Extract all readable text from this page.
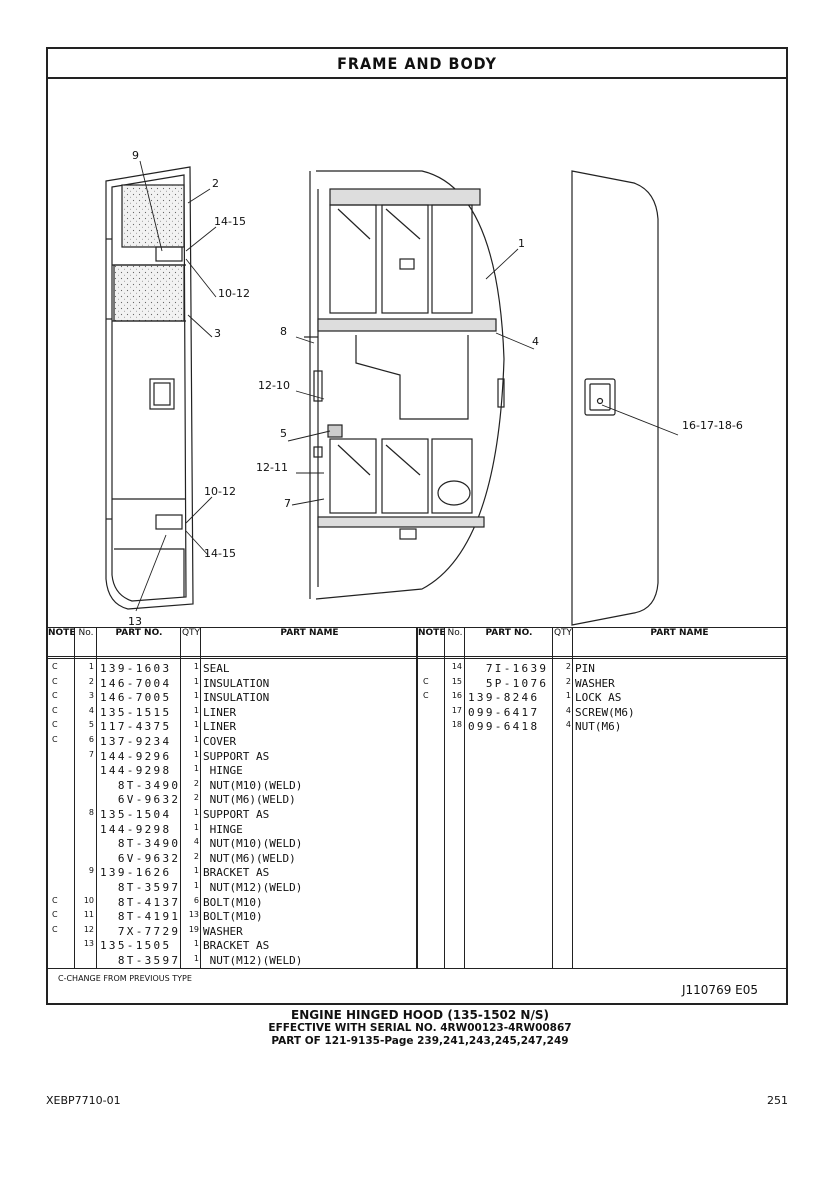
FRAME AND BODY
9
2
14-15
10-12
3
10-12
14-15
13
1
8
4
12-10
5
12-11
7
16-17-18-6
NOTE No.	PART NO.	QTY	PART NAME	NOTE No.	PART NO.	QTY	PART NAME
C	1 139-1603	1 SEAL
C	2 146-7004	1 INSULATION
C	3 146-7005	1 INSULATION
C	4 135-1515	1 LINER
C	5 117-4375	1 LINER
C	6 137-9234	1 COVER
7 144-9296	1 SUPPORT AS
144-9298	1 HINGE
8T-3490	2 NUT(M10)(WELD)
6V-9632	2 NUT(M6)(WELD)
8 135-1504	1 SUPPORT AS
144-9298	1 HINGE
8T-3490	4 NUT(M10)(WELD)
6V-9632	2 NUT(M6)(WELD)
9 139-1626	1 BRACKET AS
8T-3597	1 NUT(M12)(WELD)
C	10 8T-4137	6 BOLT(M10)
C	11 8T-4191	13 BOLT(M10)
C	12 7X-7729	19 WASHER
13 135-1505	1 BRACKET AS
8T-3597	1 NUT(M12)(WELD)
14 7I-1639	2 PIN
C	15 5P-1076	2 WASHER
C	16 139-8246	1 LOCK AS
17 099-6417	4 SCREW(M6)
18 099-6418	4 NUT(M6)
C-CHANGE FROM PREVIOUS TYPE
J110769 E05
ENGINE HINGED HOOD (135-1502 N/S)
EFFECTIVE WITH SERIAL NO. 4RW00123-4RW00867
PART OF 121-9135-Page 239,241,243,245,247,249
XEBP7710-01	251
